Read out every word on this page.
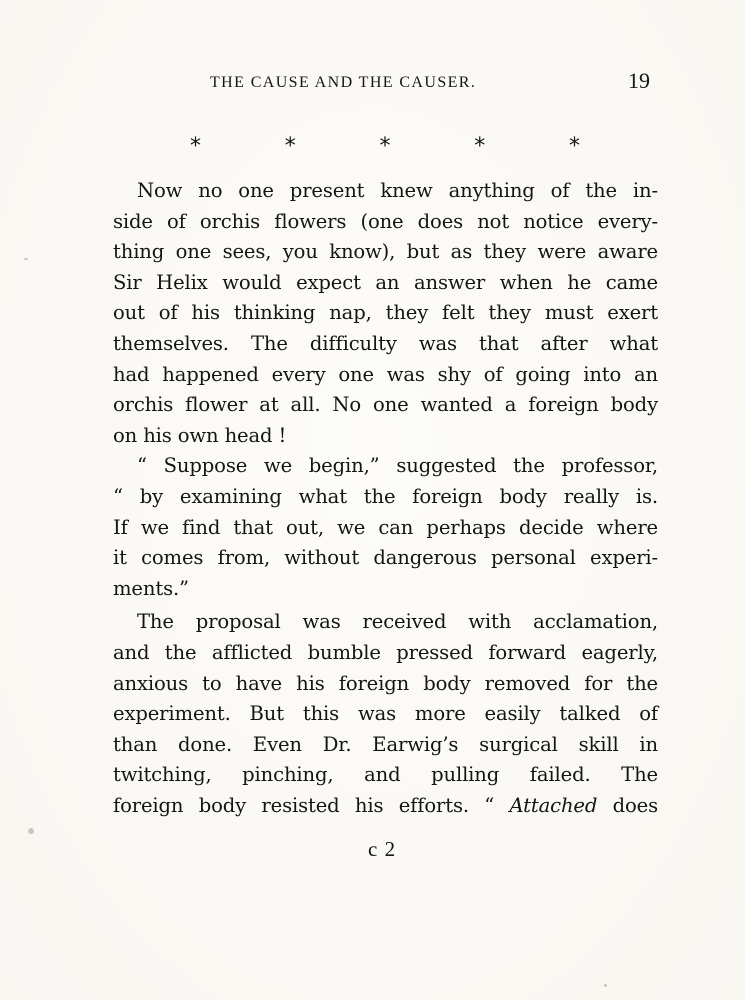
THE CAUSE AND THE CAUSER.	19
*	*	*	*	*
Now no one present knew anything of the in-
side of orchis flowers (one does not notice every-
thing one sees, you know), but as they were aware
Sir Helix would expect an answer when he came
out of his thinking nap, they felt they must exert
themselves. The difficulty was that after what
had happened every one was shy of going into an
orchis flower at all. No one wanted a foreign body
on his own head !
“ Suppose we begin,” suggested the professor,
“ by examining what the foreign body really is.
If we find that out, we can perhaps decide where
it comes from, without dangerous personal experi-
ments.”
The proposal was received with acclamation,
and the afflicted bumble pressed forward eagerly,
anxious to have his foreign body removed for the
experiment. But this was more easily talked of
than done. Even Dr. Earwig’s surgical skill in
twitching, pinching, and pulling failed. The
foreign body resisted his efforts. “ Attached does
c 2
